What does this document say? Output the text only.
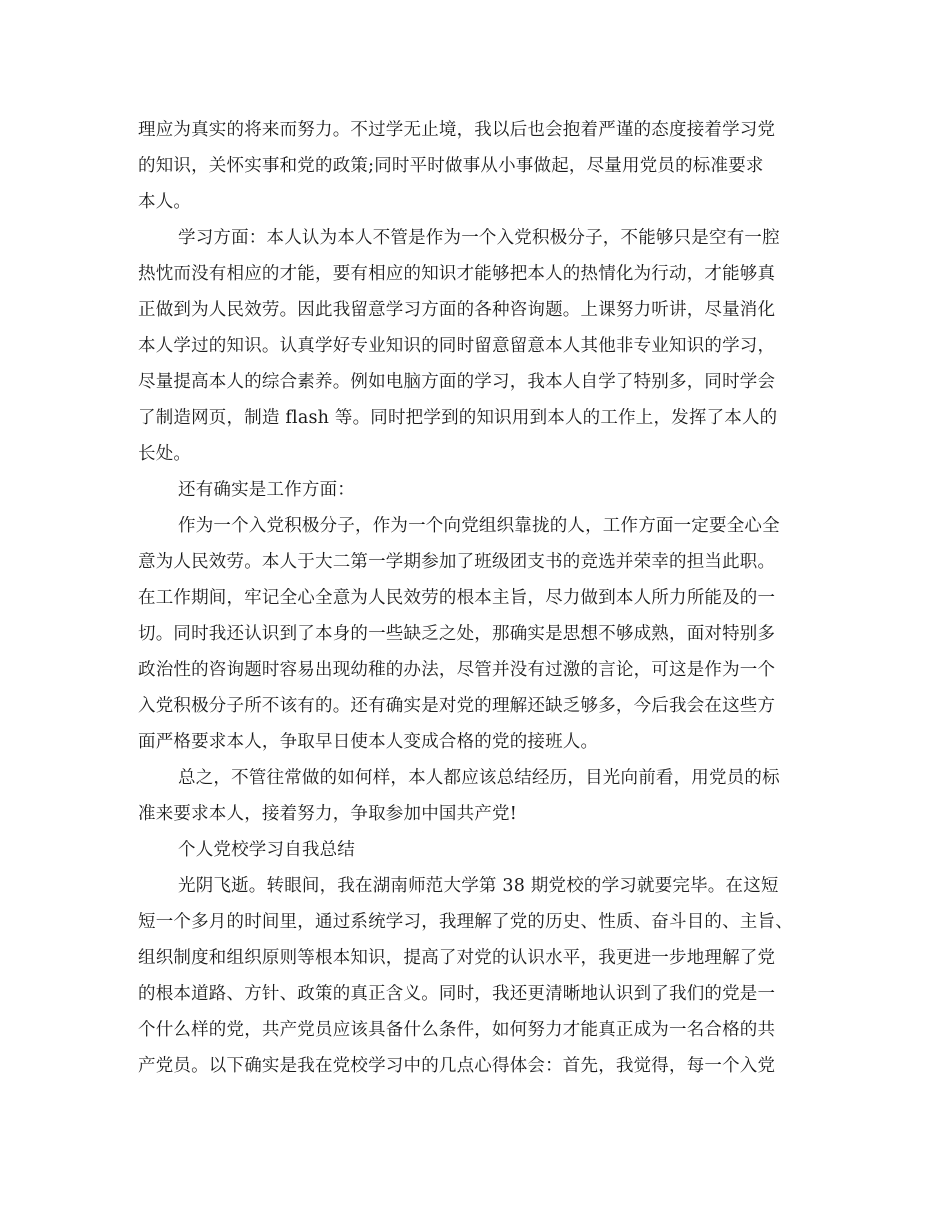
理应为真实的将来而努力。不过学无止境，我以后也会抱着严谨的态度接着学习党
的知识，关怀实事和党的政策;同时平时做事从小事做起，尽量用党员的标准要求
本人。
学习方面：本人认为本人不管是作为一个入党积极分子，不能够只是空有一腔
热忱而没有相应的才能，要有相应的知识才能够把本人的热情化为行动，才能够真
正做到为人民效劳。因此我留意学习方面的各种咨询题。上课努力听讲，尽量消化
本人学过的知识。认真学好专业知识的同时留意留意本人其他非专业知识的学习，
尽量提高本人的综合素养。例如电脑方面的学习，我本人自学了特别多，同时学会
了制造网页，制造 flash 等。同时把学到的知识用到本人的工作上，发挥了本人的
长处。
还有确实是工作方面：
作为一个入党积极分子，作为一个向党组织靠拢的人，工作方面一定要全心全
意为人民效劳。本人于大二第一学期参加了班级团支书的竞选并荣幸的担当此职。
在工作期间，牢记全心全意为人民效劳的根本主旨，尽力做到本人所力所能及的一
切。同时我还认识到了本身的一些缺乏之处，那确实是思想不够成熟，面对特别多
政治性的咨询题时容易出现幼稚的办法，尽管并没有过激的言论，可这是作为一个
入党积极分子所不该有的。还有确实是对党的理解还缺乏够多，今后我会在这些方
面严格要求本人，争取早日使本人变成合格的党的接班人。
总之，不管往常做的如何样，本人都应该总结经历，目光向前看，用党员的标
准来要求本人，接着努力，争取参加中国共产党!
个人党校学习自我总结
光阴飞逝。转眼间，我在湖南师范大学第 38 期党校的学习就要完毕。在这短
短一个多月的时间里，通过系统学习，我理解了党的历史、性质、奋斗目的、主旨、
组织制度和组织原则等根本知识，提高了对党的认识水平，我更进一步地理解了党
的根本道路、方针、政策的真正含义。同时，我还更清晰地认识到了我们的党是一
个什么样的党，共产党员应该具备什么条件，如何努力才能真正成为一名合格的共
产党员。以下确实是我在党校学习中的几点心得体会：首先，我觉得，每一个入党
